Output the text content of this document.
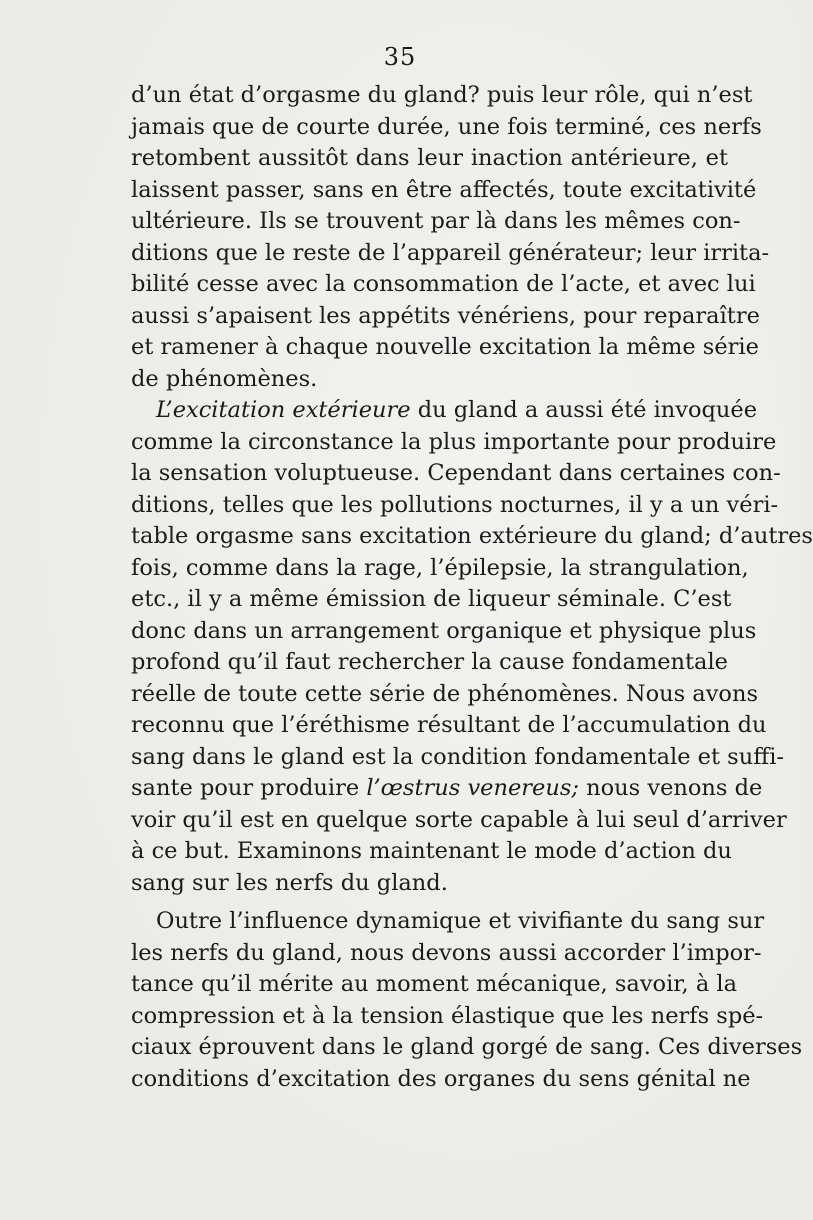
35
d’un état d’orgasme du gland? puis leur rôle, qui n’est
jamais que de courte durée, une fois terminé, ces nerfs
retombent aussitôt dans leur inaction antérieure, et
laissent passer, sans en être affectés, toute excitativité
ultérieure. Ils se trouvent par là dans les mêmes con-
ditions que le reste de l’appareil générateur; leur irrita-
bilité cesse avec la consommation de l’acte, et avec lui
aussi s’apaisent les appétits vénériens, pour reparaître
et ramener à chaque nouvelle excitation la même série
de phénomènes.
L’excitation extérieure du gland a aussi été invoquée
comme la circonstance la plus importante pour produire
la sensation voluptueuse. Cependant dans certaines con-
ditions, telles que les pollutions nocturnes, il y a un véri-
table orgasme sans excitation extérieure du gland; d’autres
fois, comme dans la rage, l’épilepsie, la strangulation,
etc., il y a même émission de liqueur séminale. C’est
donc dans un arrangement organique et physique plus
profond qu’il faut rechercher la cause fondamentale
réelle de toute cette série de phénomènes. Nous avons
reconnu que l’éréthisme résultant de l’accumulation du
sang dans le gland est la condition fondamentale et suffi-
sante pour produire l’œstrus venereus; nous venons de
voir qu’il est en quelque sorte capable à lui seul d’arriver
à ce but. Examinons maintenant le mode d’action du
sang sur les nerfs du gland.
Outre l’influence dynamique et vivifiante du sang sur
les nerfs du gland, nous devons aussi accorder l’impor-
tance qu’il mérite au moment mécanique, savoir, à la
compression et à la tension élastique que les nerfs spé-
ciaux éprouvent dans le gland gorgé de sang. Ces diverses
conditions d’excitation des organes du sens génital ne
